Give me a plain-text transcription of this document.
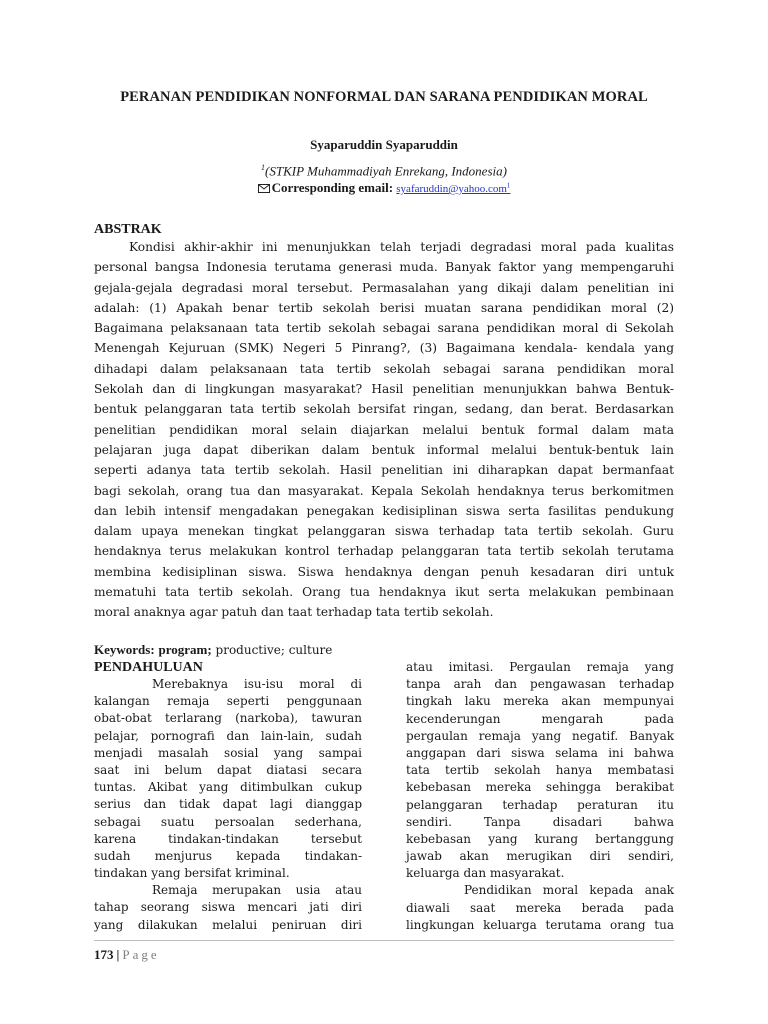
PERANAN PENDIDIKAN NONFORMAL DAN SARANA PENDIDIKAN MORAL
Syaparuddin Syaparuddin
$^1$(STKIP Muhammadiyah Enrekang, Indonesia)
Corresponding email: syafaruddin@yahoo.com$^1$
ABSTRAK
Kondisi akhir-akhir ini menunjukkan telah terjadi degradasi moral pada kualitas
personal bangsa Indonesia terutama generasi muda. Banyak faktor yang mempengaruhi
gejala-gejala degradasi moral tersebut. Permasalahan yang dikaji dalam penelitian ini
adalah: (1) Apakah benar tertib sekolah berisi muatan sarana pendidikan moral (2)
Bagaimana pelaksanaan tata tertib sekolah sebagai sarana pendidikan moral di Sekolah
Menengah Kejuruan (SMK) Negeri 5 Pinrang?, (3) Bagaimana kendala- kendala yang
dihadapi dalam pelaksanaan tata tertib sekolah sebagai sarana pendidikan moral
Sekolah dan di lingkungan masyarakat? Hasil penelitian menunjukkan bahwa Bentuk-
bentuk pelanggaran tata tertib sekolah bersifat ringan, sedang, dan berat. Berdasarkan
penelitian pendidikan moral selain diajarkan melalui bentuk formal dalam mata
pelajaran juga dapat diberikan dalam bentuk informal melalui bentuk-bentuk lain
seperti adanya tata tertib sekolah. Hasil penelitian ini diharapkan dapat bermanfaat
bagi sekolah, orang tua dan masyarakat. Kepala Sekolah hendaknya terus berkomitmen
dan lebih intensif mengadakan penegakan kedisiplinan siswa serta fasilitas pendukung
dalam upaya menekan tingkat pelanggaran siswa terhadap tata tertib sekolah. Guru
hendaknya terus melakukan kontrol terhadap pelanggaran tata tertib sekolah terutama
membina kedisiplinan siswa. Siswa hendaknya dengan penuh kesadaran diri untuk
mematuhi tata tertib sekolah. Orang tua hendaknya ikut serta melakukan pembinaan
moral anaknya agar patuh dan taat terhadap tata tertib sekolah.
Keywords: program; productive; culture
PENDAHULUAN
Merebaknya isu-isu moral di
kalangan remaja seperti penggunaan
obat-obat terlarang (narkoba), tawuran
pelajar, pornografi dan lain-lain, sudah
menjadi masalah sosial yang sampai
saat ini belum dapat diatasi secara
tuntas. Akibat yang ditimbulkan cukup
serius dan tidak dapat lagi dianggap
sebagai suatu persoalan sederhana,
karena tindakan-tindakan tersebut
sudah menjurus kepada tindakan-
tindakan yang bersifat kriminal.
Remaja merupakan usia atau
tahap seorang siswa mencari jati diri
yang dilakukan melalui peniruan diri
atau imitasi. Pergaulan remaja yang
tanpa arah dan pengawasan terhadap
tingkah laku mereka akan mempunyai
kecenderungan mengarah pada
pergaulan remaja yang negatif. Banyak
anggapan dari siswa selama ini bahwa
tata tertib sekolah hanya membatasi
kebebasan mereka sehingga berakibat
pelanggaran terhadap peraturan itu
sendiri. Tanpa disadari bahwa
kebebasan yang kurang bertanggung
jawab akan merugikan diri sendiri,
keluarga dan masyarakat.
Pendidikan moral kepada anak
diawali saat mereka berada pada
lingkungan keluarga terutama orang tua
173 | Page
